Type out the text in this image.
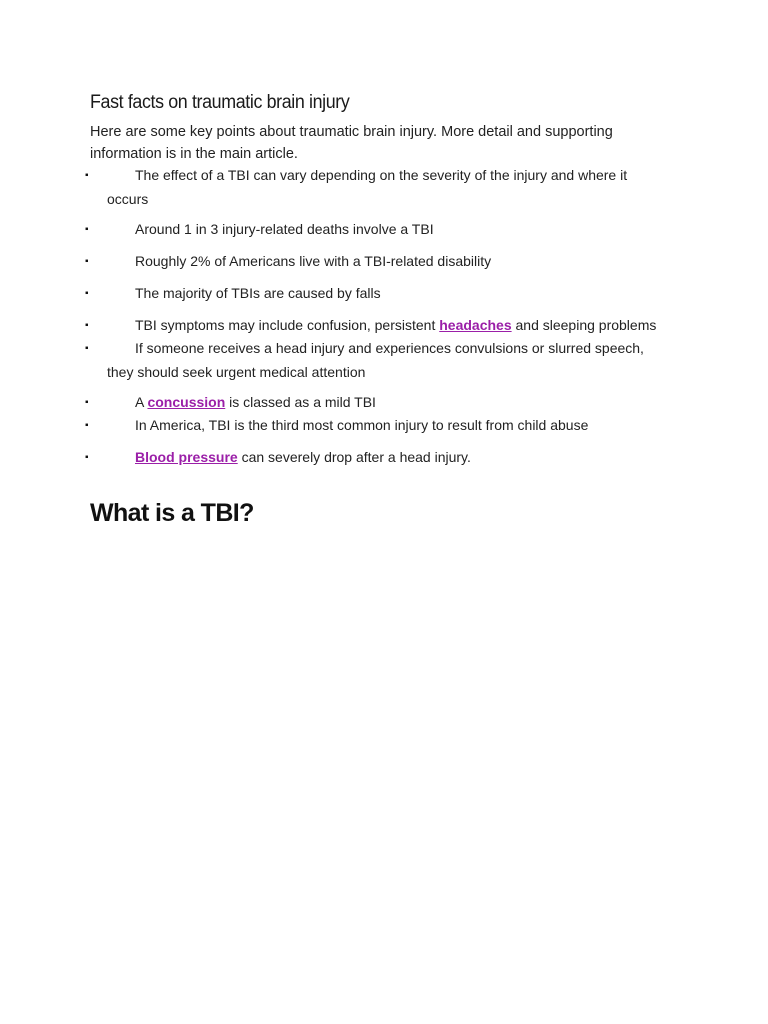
Fast facts on traumatic brain injury
Here are some key points about traumatic brain injury. More detail and supporting information is in the main article.
▪	The effect of a TBI can vary depending on the severity of the injury and where it
occurs
▪	Around 1 in 3 injury-related deaths involve a TBI
▪	Roughly 2% of Americans live with a TBI-related disability
▪	The majority of TBIs are caused by falls
▪	TBI symptoms may include confusion, persistent headaches and sleeping problems
▪	If someone receives a head injury and experiences convulsions or slurred speech,
they should seek urgent medical attention
▪	A concussion is classed as a mild TBI
▪	In America, TBI is the third most common injury to result from child abuse
▪	Blood pressure can severely drop after a head injury.
What is a TBI?
